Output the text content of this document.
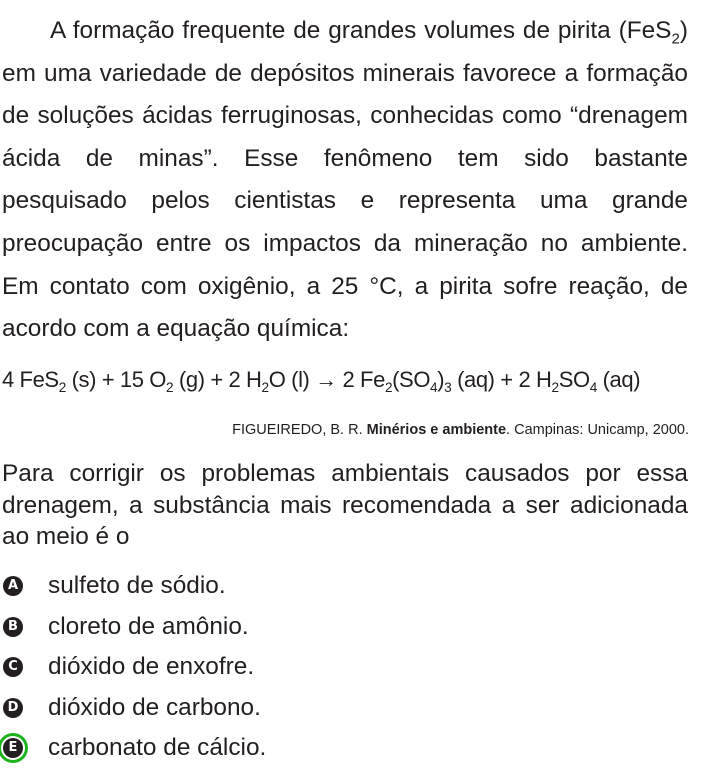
A formação frequente de grandes volumes de pirita (FeS$_2$) em uma variedade de depósitos minerais favorece a formação de soluções ácidas ferruginosas, conhecidas como “drenagem ácida de minas”. Esse fenômeno tem sido bastante pesquisado pelos cientistas e representa uma grande preocupação entre os impactos da mineração no ambiente. Em contato com oxigênio, a 25 °C, a pirita sofre reação, de acordo com a equação química:

4 FeS$_2$ (s) + 15 $O_2$ (g) + 2 $H_2O$ (l) → 2 $Fe_2(SO_4)_3$ (aq) + 2 $H_2SO_4$ (aq)
FIGUEIREDO, B. R. Minérios e ambiente. Campinas: Unicamp, 2000.

Para corrigir os problemas ambientais causados por essa drenagem, a substância mais recomendada a ser adicionada ao meio é o

A sulfeto de sódio.
B cloreto de amônio.
C dióxido de enxofre.
D dióxido de carbono.
E carbonato de cálcio.
